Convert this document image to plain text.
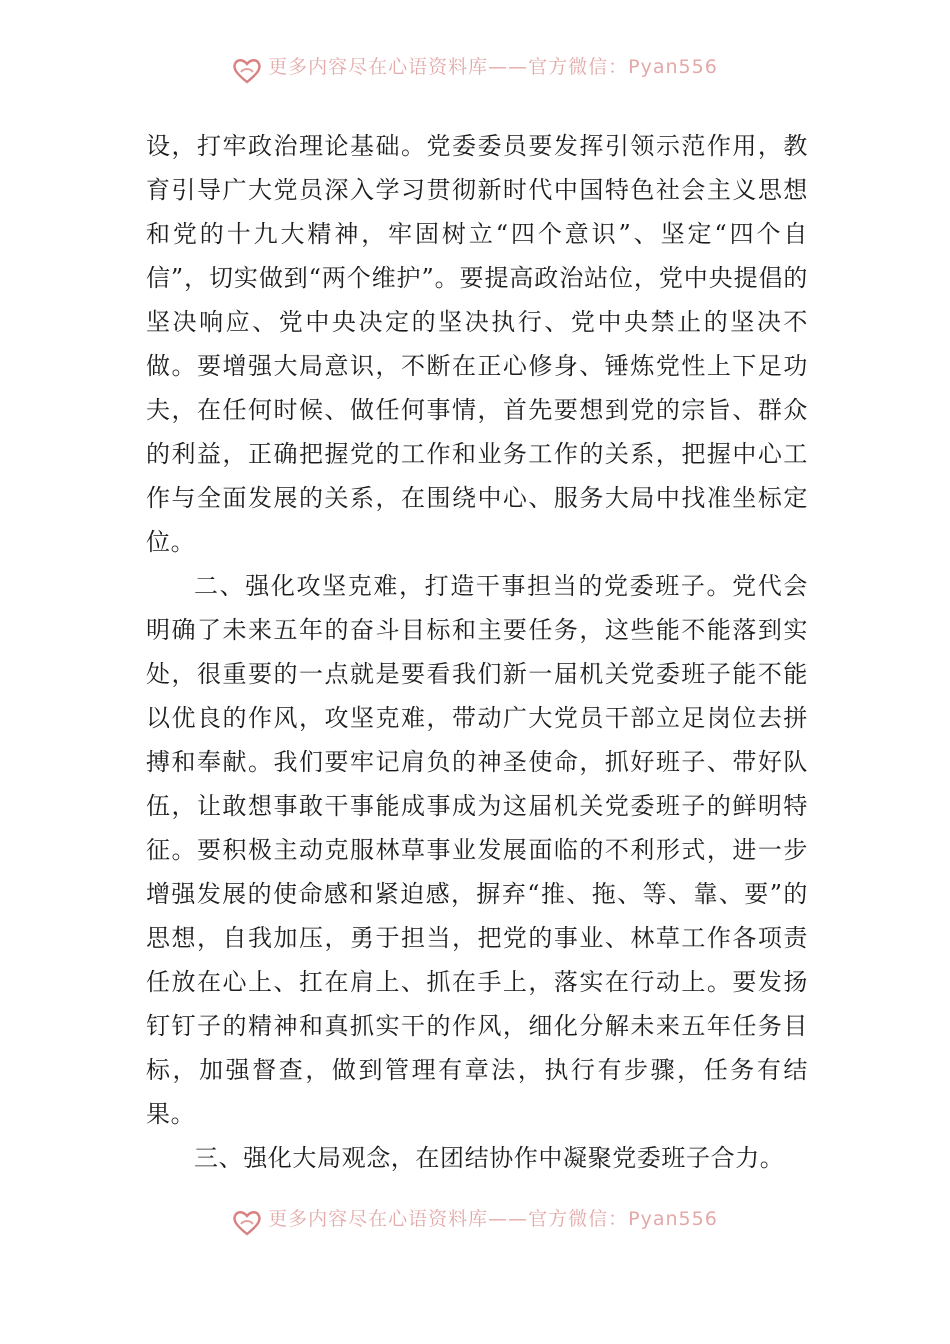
更多内容尽在心语资料库——官方微信：Pyan556

设，打牢政治理论基础。党委委员要发挥引领示范作用，教育引导广大党员深入学习贯彻新时代中国特色社会主义思想和党的十九大精神，牢固树立“四个意识”、坚定“四个自信”，切实做到“两个维护”。要提高政治站位，党中央提倡的坚决响应、党中央决定的坚决执行、党中央禁止的坚决不做。要增强大局意识，不断在正心修身、锤炼党性上下足功夫，在任何时候、做任何事情，首先要想到党的宗旨、群众的利益，正确把握党的工作和业务工作的关系，把握中心工作与全面发展的关系，在围绕中心、服务大局中找准坐标定位。

二、强化攻坚克难，打造干事担当的党委班子。党代会明确了未来五年的奋斗目标和主要任务，这些能不能落到实处，很重要的一点就是要看我们新一届机关党委班子能不能以优良的作风，攻坚克难，带动广大党员干部立足岗位去拼搏和奉献。我们要牢记肩负的神圣使命，抓好班子、带好队伍，让敢想事敢干事能成事成为这届机关党委班子的鲜明特征。要积极主动克服林草事业发展面临的不利形式，进一步增强发展的使命感和紧迫感，摒弃“推、拖、等、靠、要”的思想，自我加压，勇于担当，把党的事业、林草工作各项责任放在心上、扛在肩上、抓在手上，落实在行动上。要发扬钉钉子的精神和真抓实干的作风，细化分解未来五年任务目标，加强督查，做到管理有章法，执行有步骤，任务有结果。

三、强化大局观念，在团结协作中凝聚党委班子合力。

更多内容尽在心语资料库——官方微信：Pyan556
